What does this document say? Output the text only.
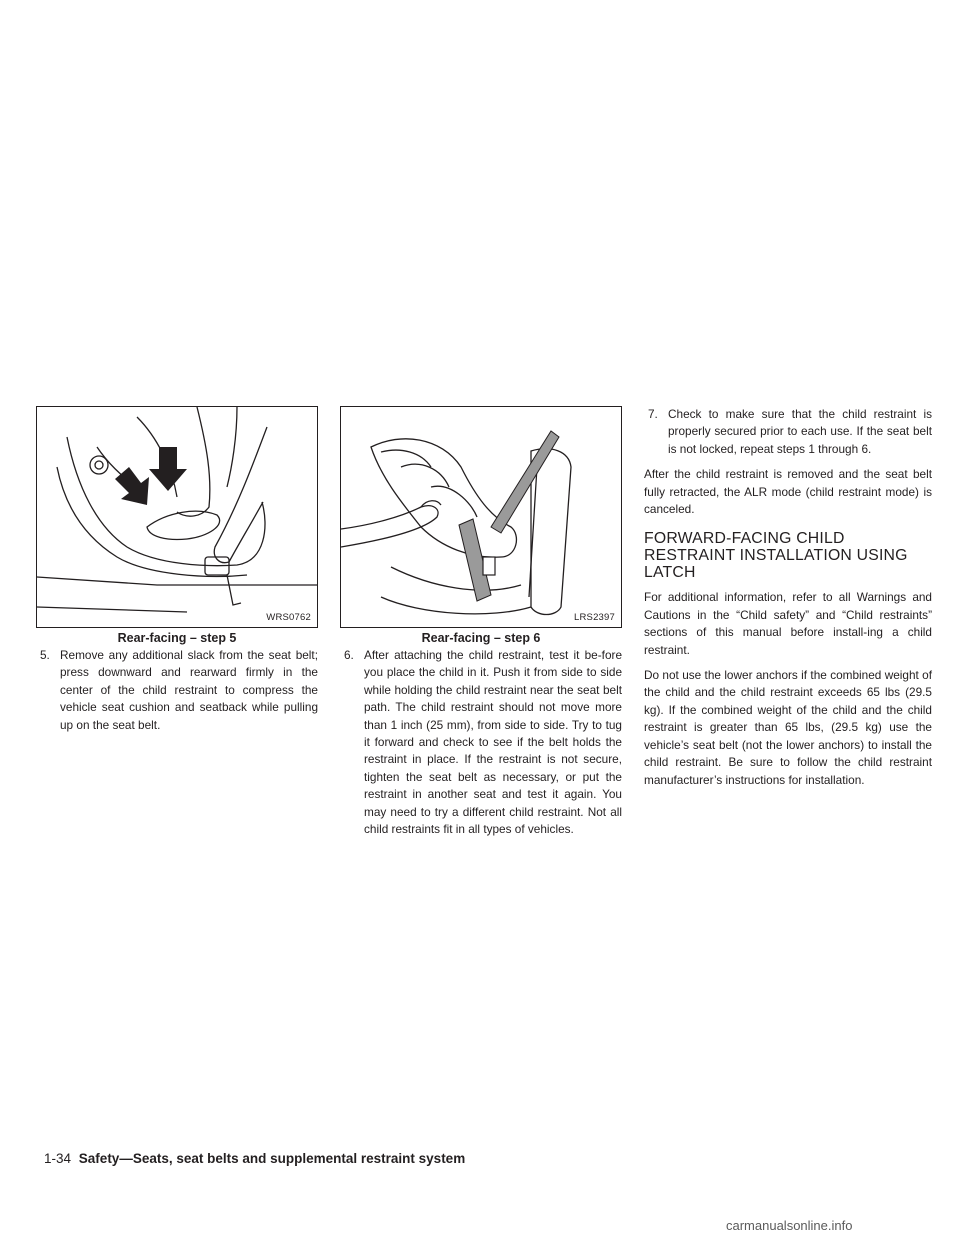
WRS0762
Rear-facing – step 5

5. Remove any additional slack from the seat belt; press downward and rearward firmly in the center of the child restraint to compress the vehicle seat cushion and seatback while pulling up on the seat belt.

LRS2397
Rear-facing – step 6

6. After attaching the child restraint, test it be-fore you place the child in it. Push it from side to side while holding the child restraint near the seat belt path. The child restraint should not move more than 1 inch (25 mm), from side to side. Try to tug it forward and check to see if the belt holds the restraint in place. If the restraint is not secure, tighten the seat belt as necessary, or put the restraint in another seat and test it again. You may need to try a different child restraint. Not all child restraints fit in all types of vehicles.

7. Check to make sure that the child restraint is properly secured prior to each use. If the seat belt is not locked, repeat steps 1 through 6.

After the child restraint is removed and the seat belt fully retracted, the ALR mode (child restraint mode) is canceled.

FORWARD-FACING CHILD RESTRAINT INSTALLATION USING LATCH

For additional information, refer to all Warnings and Cautions in the “Child safety” and “Child restraints” sections of this manual before install-ing a child restraint.

Do not use the lower anchors if the combined weight of the child and the child restraint exceeds 65 lbs (29.5 kg). If the combined weight of the child and the child restraint is greater than 65 lbs, (29.5 kg) use the vehicle’s seat belt (not the lower anchors) to install the child restraint. Be sure to follow the child restraint manufacturer’s instructions for installation.

1-34 Safety—Seats, seat belts and supplemental restraint system
carmanualsonline.info
